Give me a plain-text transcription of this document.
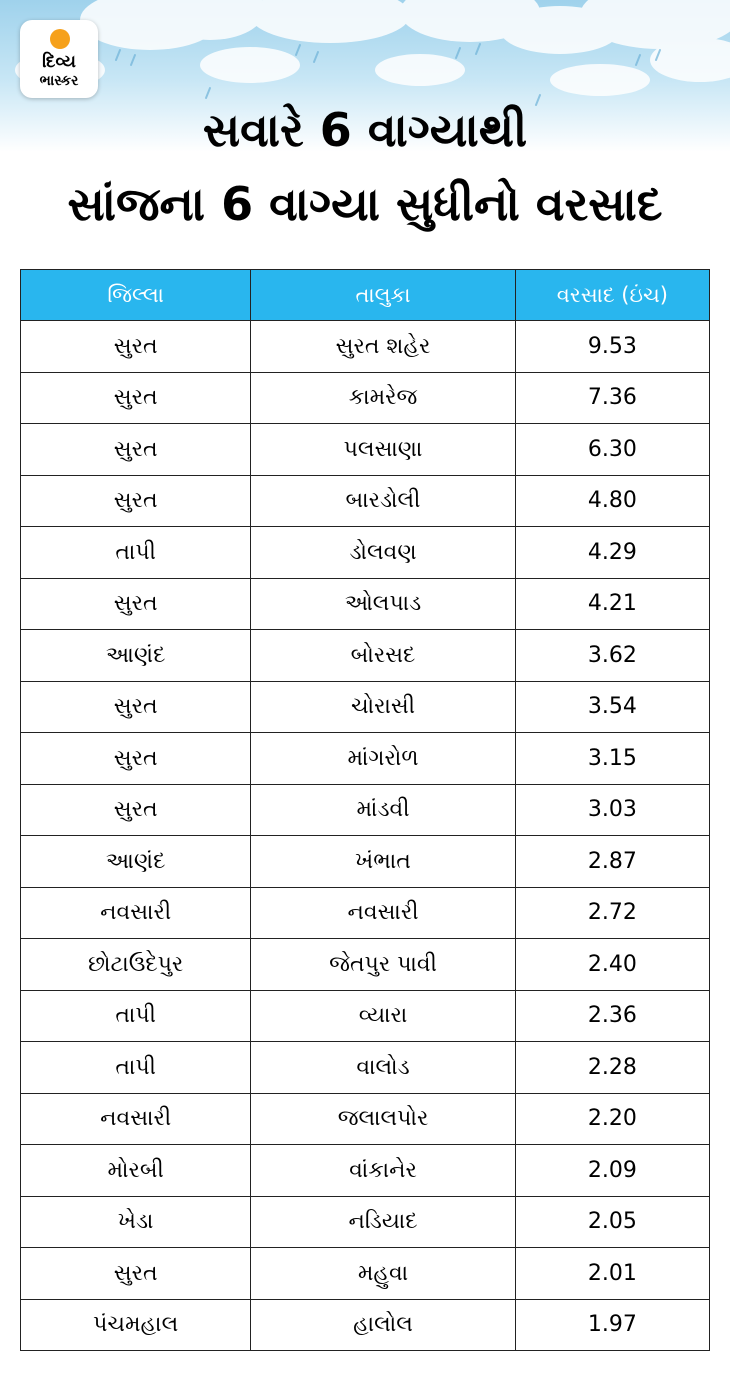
દિવ્ય
ભાસ્કર
સવારે 6 વાગ્યાથી
સાંજના 6 વાગ્યા સુધીનો વરસાદ
જિલ્લા	તાલુકા	વરસાદ (ઇંચ)
સુરત	સુરત શહેર	9.53
સુરત	કામરેજ	7.36
સુરત	પલસાણા	6.30
સુરત	બારડોલી	4.80
તાપી	ડોલવણ	4.29
સુરત	ઓલપાડ	4.21
આણંદ	બોરસદ	3.62
સુરત	ચોરાસી	3.54
સુરત	માંગરોળ	3.15
સુરત	માંડવી	3.03
આણંદ	ખંભાત	2.87
નવસારી	નવસારી	2.72
છોટાઉદેપુર	જેતપુર પાવી	2.40
તાપી	વ્યારા	2.36
તાપી	વાલોડ	2.28
નવસારી	જલાલપોર	2.20
મોરબી	વાંકાનેર	2.09
ખેડા	નડિયાદ	2.05
સુરત	મહુવા	2.01
પંચમહાલ	હાલોલ	1.97
